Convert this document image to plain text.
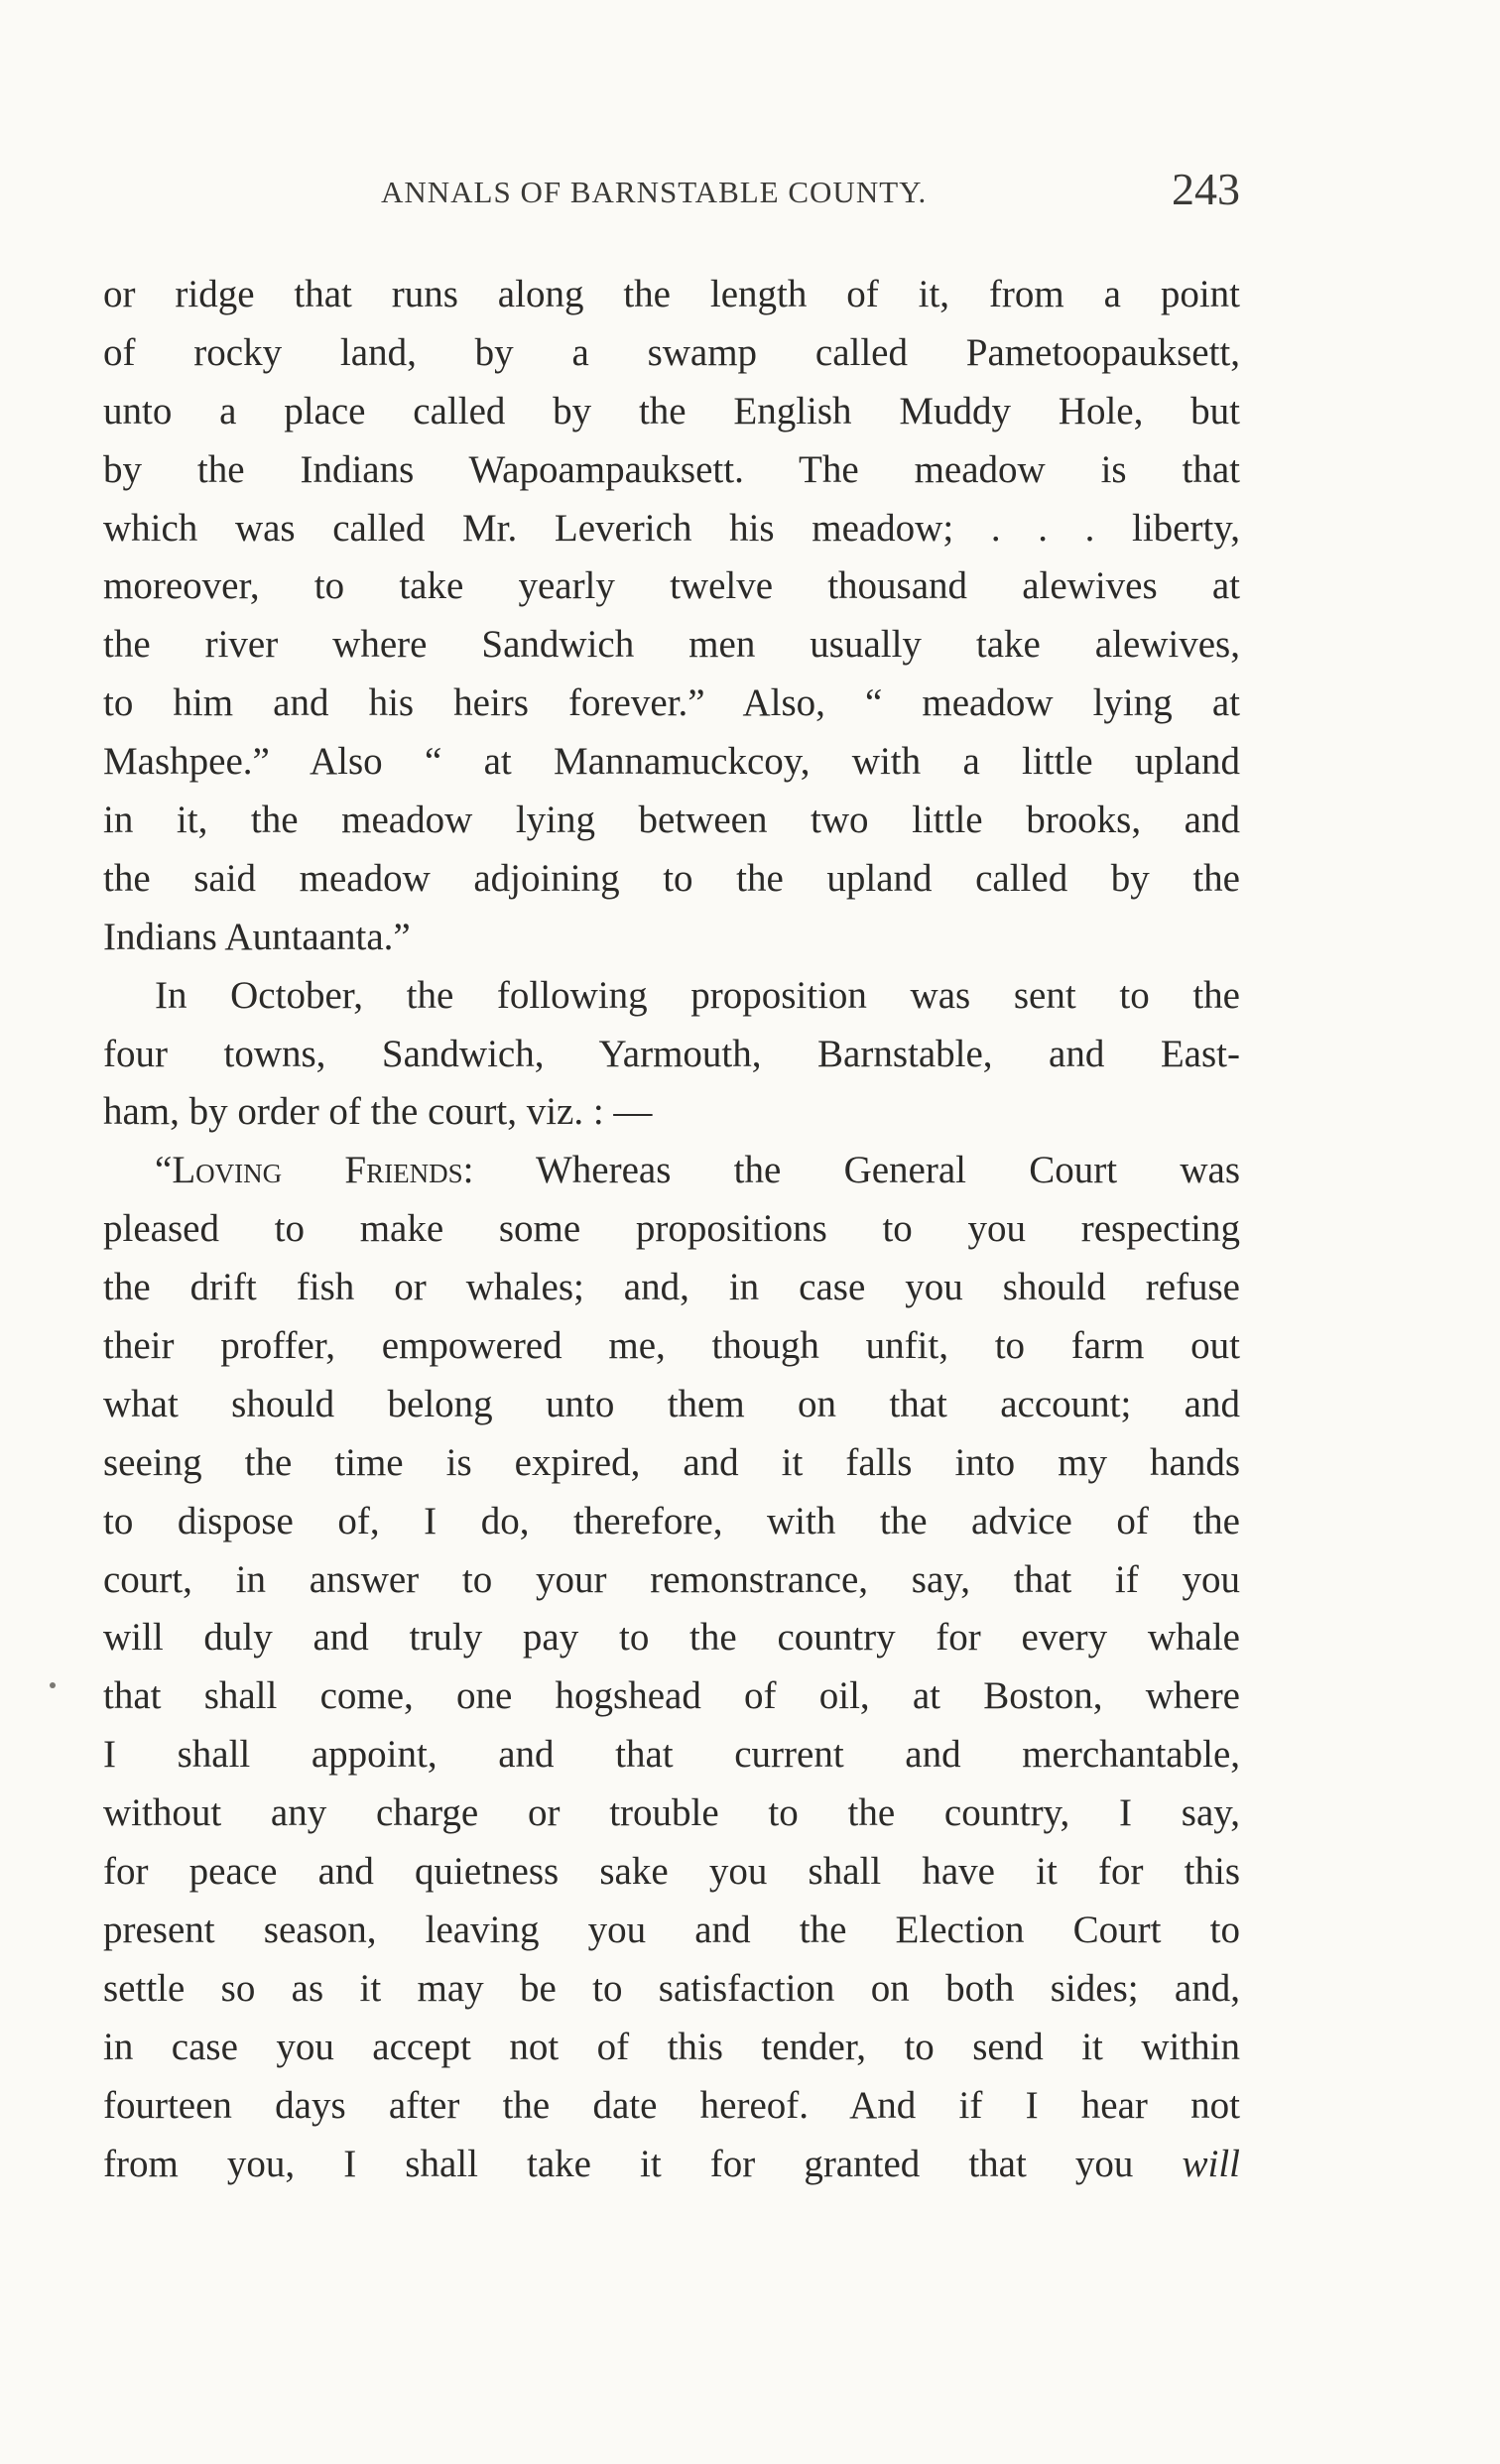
ANNALS OF BARNSTABLE COUNTY.	243
or ridge that runs along the length of it, from a point
of rocky land, by a swamp called Pametoopauksett,
unto a place called by the English Muddy Hole, but
by the Indians Wapoampauksett. The meadow is that
which was called Mr. Leverich his meadow; . . . liberty,
moreover, to take yearly twelve thousand alewives at
the river where Sandwich men usually take alewives,
to him and his heirs forever.” Also, “ meadow lying at
Mashpee.” Also “ at Mannamuckcoy, with a little upland
in it, the meadow lying between two little brooks, and
the said meadow adjoining to the upland called by the
Indians Auntaanta.”
In October, the following proposition was sent to the
four towns, Sandwich, Yarmouth, Barnstable, and East-
ham, by order of the court, viz. : —
“Loving Friends: Whereas the General Court was
pleased to make some propositions to you respecting
the drift fish or whales; and, in case you should refuse
their proffer, empowered me, though unfit, to farm out
what should belong unto them on that account; and
seeing the time is expired, and it falls into my hands
to dispose of, I do, therefore, with the advice of the
court, in answer to your remonstrance, say, that if you
will duly and truly pay to the country for every whale
that shall come, one hogshead of oil, at Boston, where
I shall appoint, and that current and merchantable,
without any charge or trouble to the country, I say,
for peace and quietness sake you shall have it for this
present season, leaving you and the Election Court to
settle so as it may be to satisfaction on both sides; and,
in case you accept not of this tender, to send it within
fourteen days after the date hereof. And if I hear not
from you, I shall take it for granted that you will
